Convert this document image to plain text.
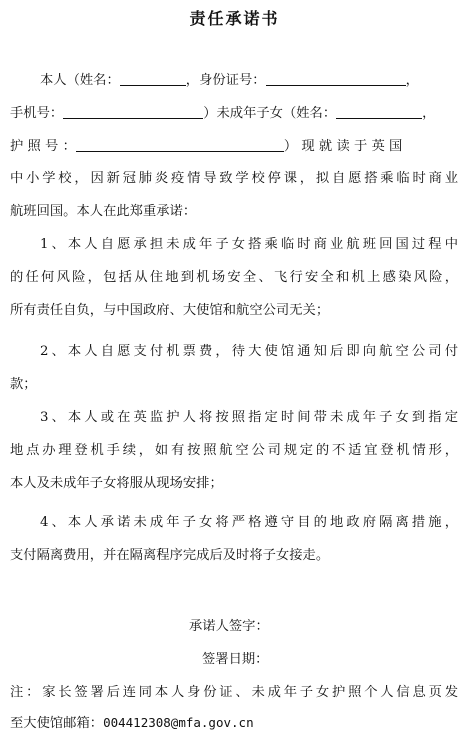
责任承诺书
本人（姓名：	，身份证号：	，
手机号：	）未成年子女（姓名：	，
护 照 号 ：	） 现 就 读 于 英 国
中小学校，因新冠肺炎疫情导致学校停课，拟自愿搭乘临时商业
航班回国。本人在此郑重承诺：
1、本人自愿承担未成年子女搭乘临时商业航班回国过程中
的任何风险，包括从住地到机场安全、飞行安全和机上感染风险，
所有责任自负，与中国政府、大使馆和航空公司无关；
2、本人自愿支付机票费，待大使馆通知后即向航空公司付
款；
3、本人或在英监护人将按照指定时间带未成年子女到指定
地点办理登机手续，如有按照航空公司规定的不适宜登机情形，
本人及未成年子女将服从现场安排；
4、本人承诺未成年子女将严格遵守目的地政府隔离措施，
支付隔离费用，并在隔离程序完成后及时将子女接走。
承诺人签字：
签署日期：
注：家长签署后连同本人身份证、未成年子女护照个人信息页发
至大使馆邮箱：004412308@mfa.gov.cn
